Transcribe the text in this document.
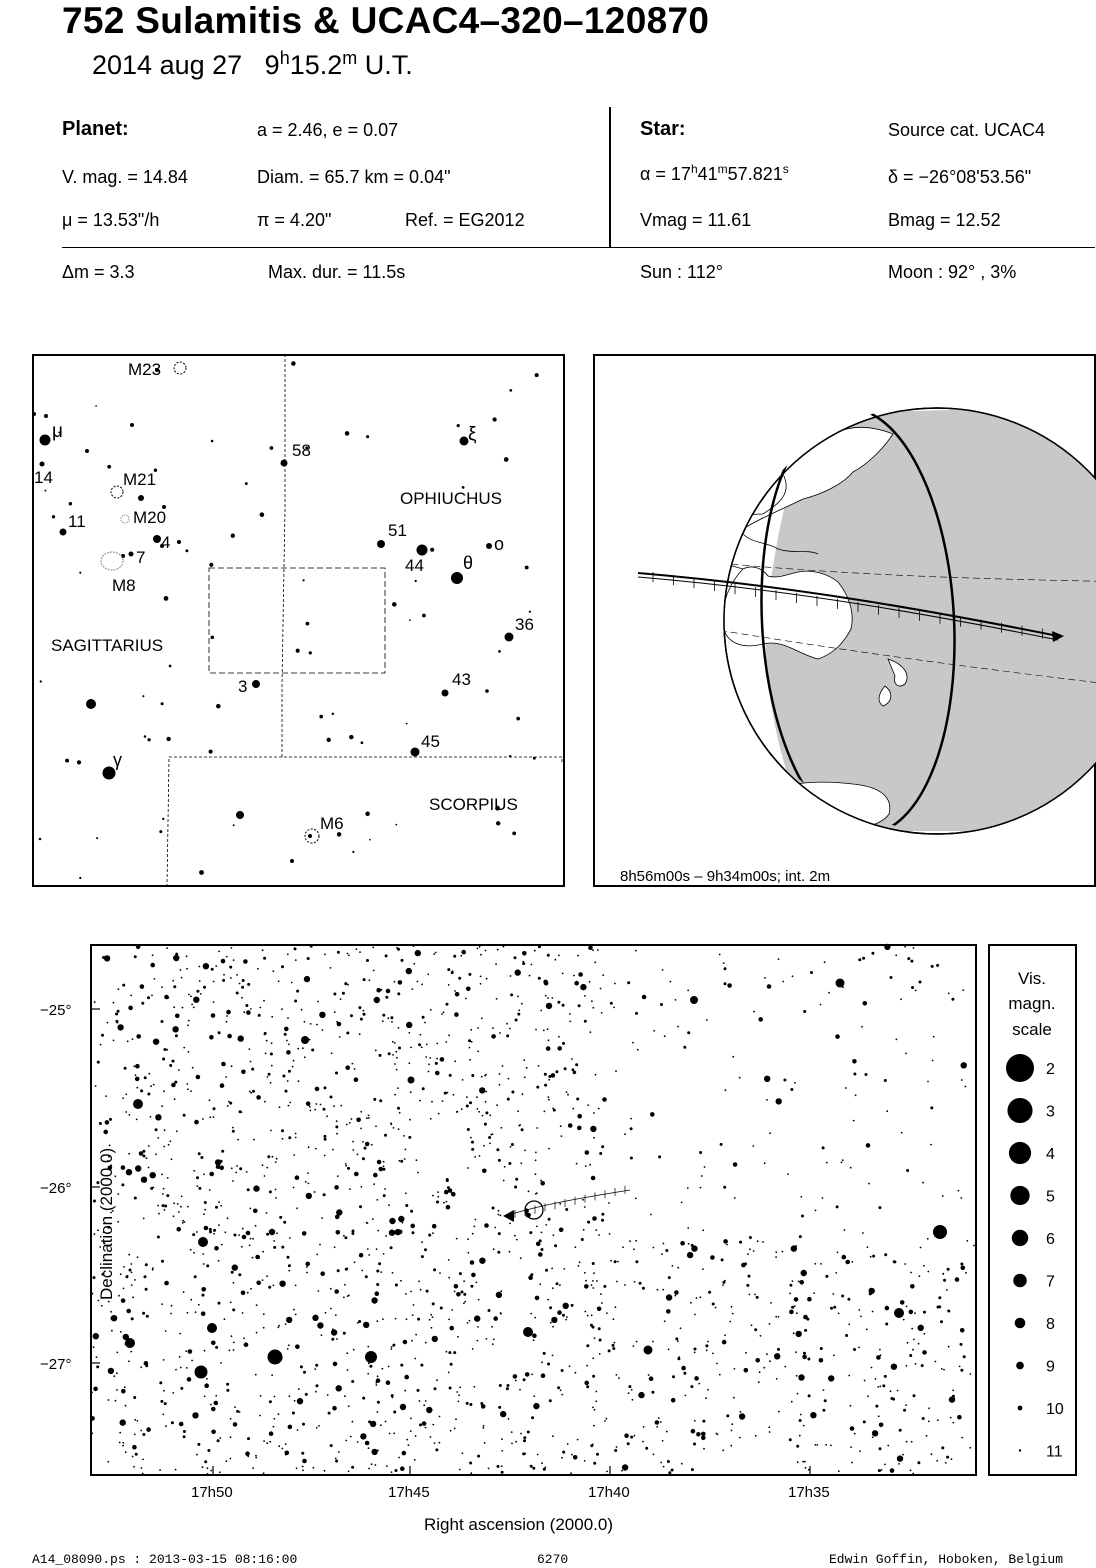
752 Sulamitis & UCAC4–320–120870
2014 aug 27 9$^h$15.2$^m$ U.T.
Planet:	a = 2.46, e = 0.07
V. mag. = 14.84	Diam. = 65.7 km = 0.04"
μ = 13.53"/h	π = 4.20"	Ref. = EG2012
Star:	Source cat. UCAC4
$\alpha = 17^h41^m57.821^s$	δ = −26°08'53.56"
Vmag = 11.61	Bmag = 12.52
Δm = 3.3	Max. dur. = 11.5s	Sun : 112°	Moon : 92° , 3%
M23
μ
14	M21
M20
11
4
7
M8
SAGITTARIUS
3
γ
58
OPHIUCHUS
ξ
51
44 θ
o
36
43
45
SCORPIUS
M6
8h56m00s – 9h34m00s; int. 2m
−25°
−26°
−27°
17h50	17h45	17h40	17h35
Right ascension (2000.0)
Declination (2000.0)
Vis.
magn.
scale
2
3
4
5
6
7
8
9
10
11
A14_08090.ps : 2013-03-15 08:16:00	6270	Edwin Goffin, Hoboken, Belgium
